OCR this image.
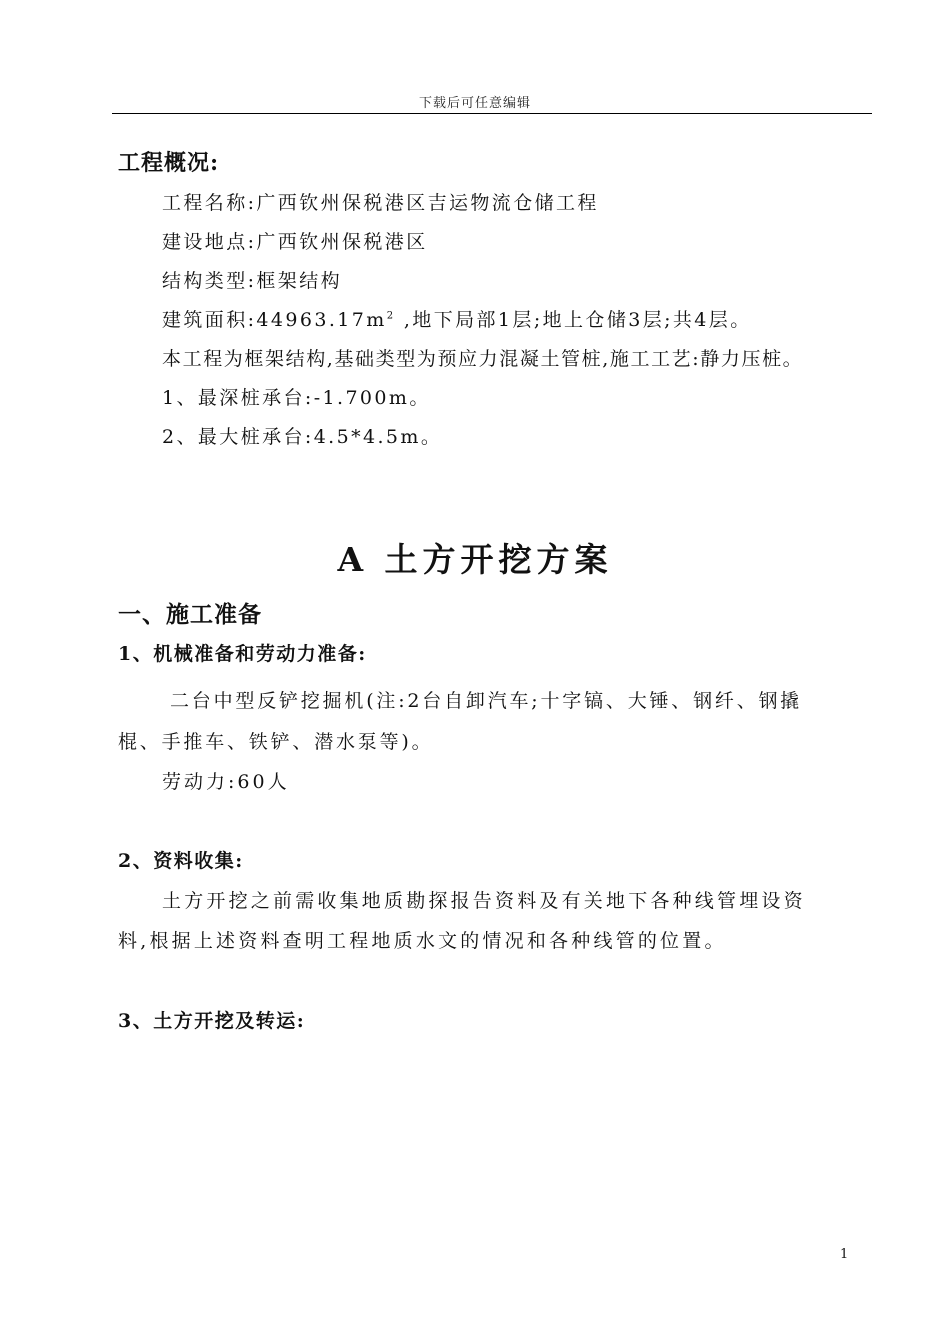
下载后可任意编辑
工程概况:
工程名称:广西钦州保税港区吉运物流仓储工程
建设地点:广西钦州保税港区
结构类型:框架结构
建筑面积$:44963.17m^2$ ,地下局部1层;地上仓储3层;共4层。
本工程为框架结构,基础类型为预应力混凝土管桩,施工工艺:静力压桩。
1、最深桩承台:-1.700m。
2、最大桩承台:4.5*4.5m。
A 土方开挖方案
一、施工准备
1、机械准备和劳动力准备:
二台中型反铲挖掘机(注:2台自卸汽车;十字镐、大锤、钢纤、钢撬
棍、手推车、铁铲、潜水泵等)。
劳动力:60人
2、资料收集:
土方开挖之前需收集地质勘探报告资料及有关地下各种线管埋设资
料,根据上述资料查明工程地质水文的情况和各种线管的位置。
3、土方开挖及转运:
1
